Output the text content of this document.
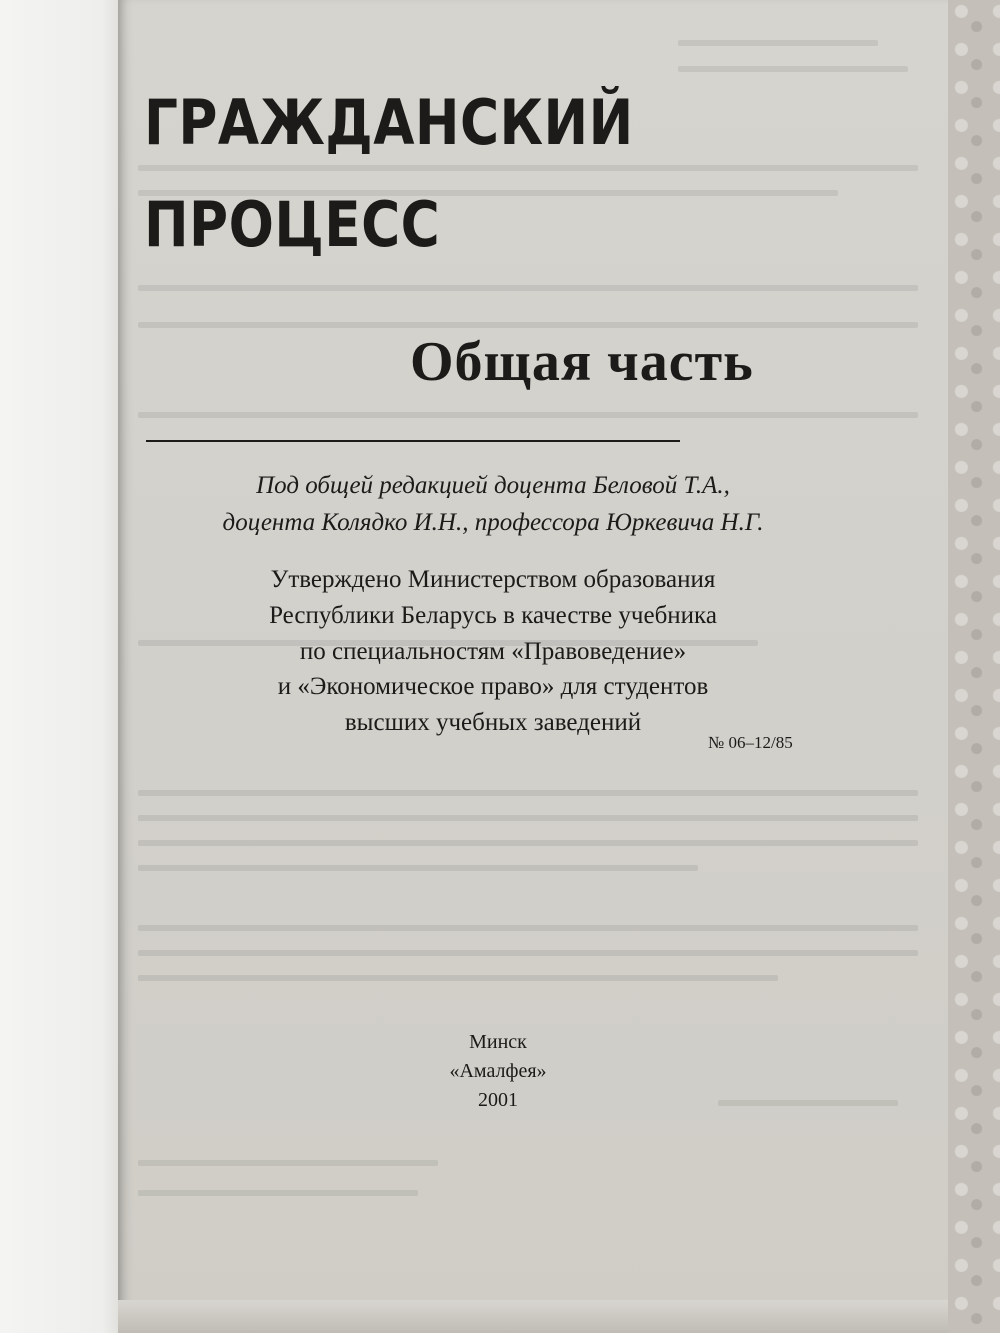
ГРАЖДАНСКИЙ
ПРОЦЕСС
Общая часть
Под общей редакцией доцента Беловой Т.А.,
доцента Колядко И.Н., профессора Юркевича Н.Г.
Утверждено Министерством образования
Республики Беларусь в качестве учебника
по специальностям «Правоведение»
и «Экономическое право» для студентов
высших учебных заведений
№ 06–12/85
Минск
«Амалфея»
2001
